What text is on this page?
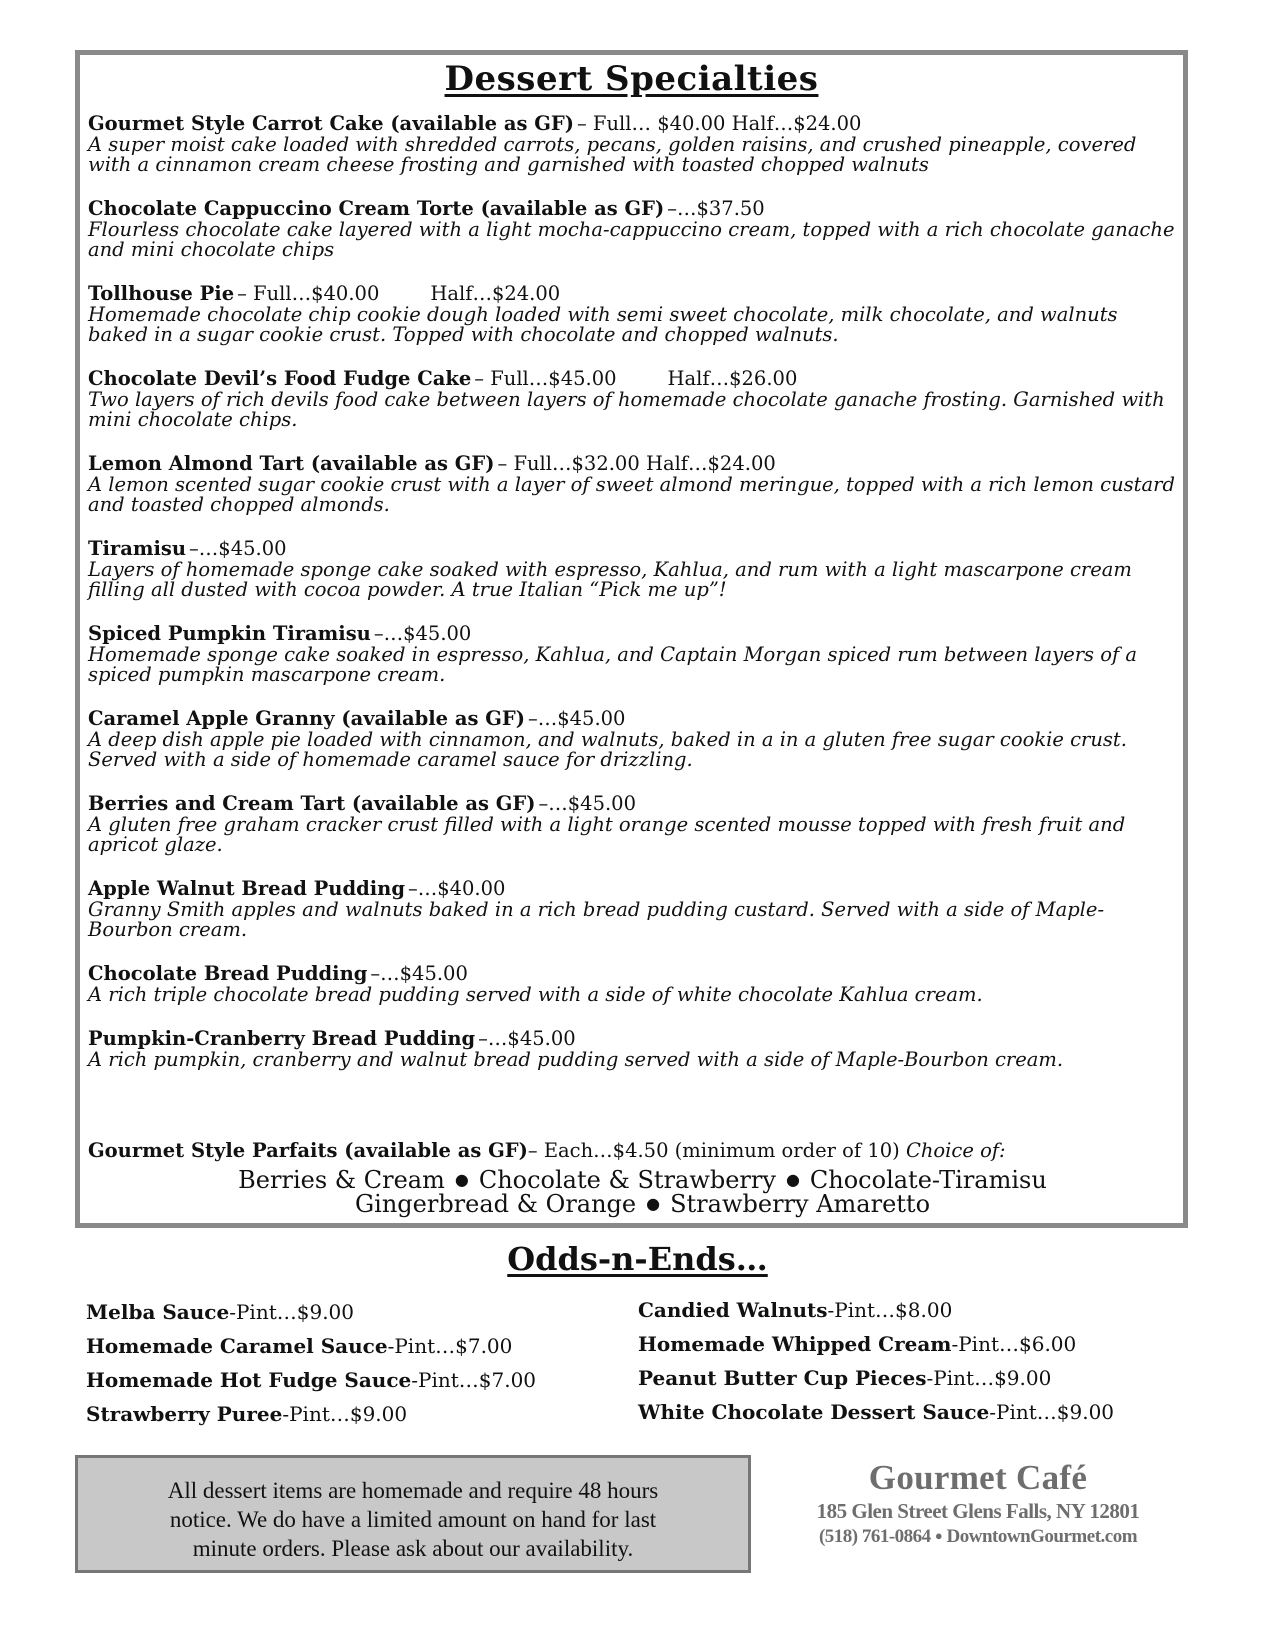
Dessert Specialties
Gourmet Style Carrot Cake (available as GF) – Full… $40.00 Half…$24.00
A super moist cake loaded with shredded carrots, pecans, golden raisins, and crushed pineapple, covered with a cinnamon cream cheese frosting and garnished with toasted chopped walnuts
Chocolate Cappuccino Cream Torte (available as GF) –…$37.50
Flourless chocolate cake layered with a light mocha-cappuccino cream, topped with a rich chocolate ganache and mini chocolate chips
Tollhouse Pie – Full…$40.00	Half…$24.00
Homemade chocolate chip cookie dough loaded with semi sweet chocolate, milk chocolate, and walnuts baked in a sugar cookie crust. Topped with chocolate and chopped walnuts.
Chocolate Devil’s Food Fudge Cake – Full…$45.00	Half…$26.00
Two layers of rich devils food cake between layers of homemade chocolate ganache frosting. Garnished with mini chocolate chips.
Lemon Almond Tart (available as GF) – Full…$32.00 Half…$24.00
A lemon scented sugar cookie crust with a layer of sweet almond meringue, topped with a rich lemon custard and toasted chopped almonds.
Tiramisu –…$45.00
Layers of homemade sponge cake soaked with espresso, Kahlua, and rum with a light mascarpone cream filling all dusted with cocoa powder. A true Italian “Pick me up”!
Spiced Pumpkin Tiramisu –…$45.00
Homemade sponge cake soaked in espresso, Kahlua, and Captain Morgan spiced rum between layers of a spiced pumpkin mascarpone cream.
Caramel Apple Granny (available as GF) –…$45.00
A deep dish apple pie loaded with cinnamon, and walnuts, baked in a in a gluten free sugar cookie crust. Served with a side of homemade caramel sauce for drizzling.
Berries and Cream Tart (available as GF) –…$45.00
A gluten free graham cracker crust filled with a light orange scented mousse topped with fresh fruit and apricot glaze.
Apple Walnut Bread Pudding –…$40.00
Granny Smith apples and walnuts baked in a rich bread pudding custard. Served with a side of Maple-Bourbon cream.
Chocolate Bread Pudding –…$45.00
A rich triple chocolate bread pudding served with a side of white chocolate Kahlua cream.
Pumpkin-Cranberry Bread Pudding –…$45.00
A rich pumpkin, cranberry and walnut bread pudding served with a side of Maple-Bourbon cream.
Gourmet Style Parfaits (available as GF)– Each…$4.50 (minimum order of 10) Choice of:
Berries & Cream ● Chocolate & Strawberry ● Chocolate-Tiramisu
Gingerbread & Orange ● Strawberry Amaretto
Odds-n-Ends…
Melba Sauce-Pint…$9.00
Homemade Caramel Sauce-Pint…$7.00
Homemade Hot Fudge Sauce-Pint…$7.00
Strawberry Puree-Pint…$9.00
Candied Walnuts-Pint…$8.00
Homemade Whipped Cream-Pint…$6.00
Peanut Butter Cup Pieces-Pint…$9.00
White Chocolate Dessert Sauce-Pint…$9.00
All dessert items are homemade and require 48 hours
notice. We do have a limited amount on hand for last
minute orders. Please ask about our availability.
Gourmet Café
185 Glen Street Glens Falls, NY 12801
(518) 761-0864 ● DowntownGourmet.com
